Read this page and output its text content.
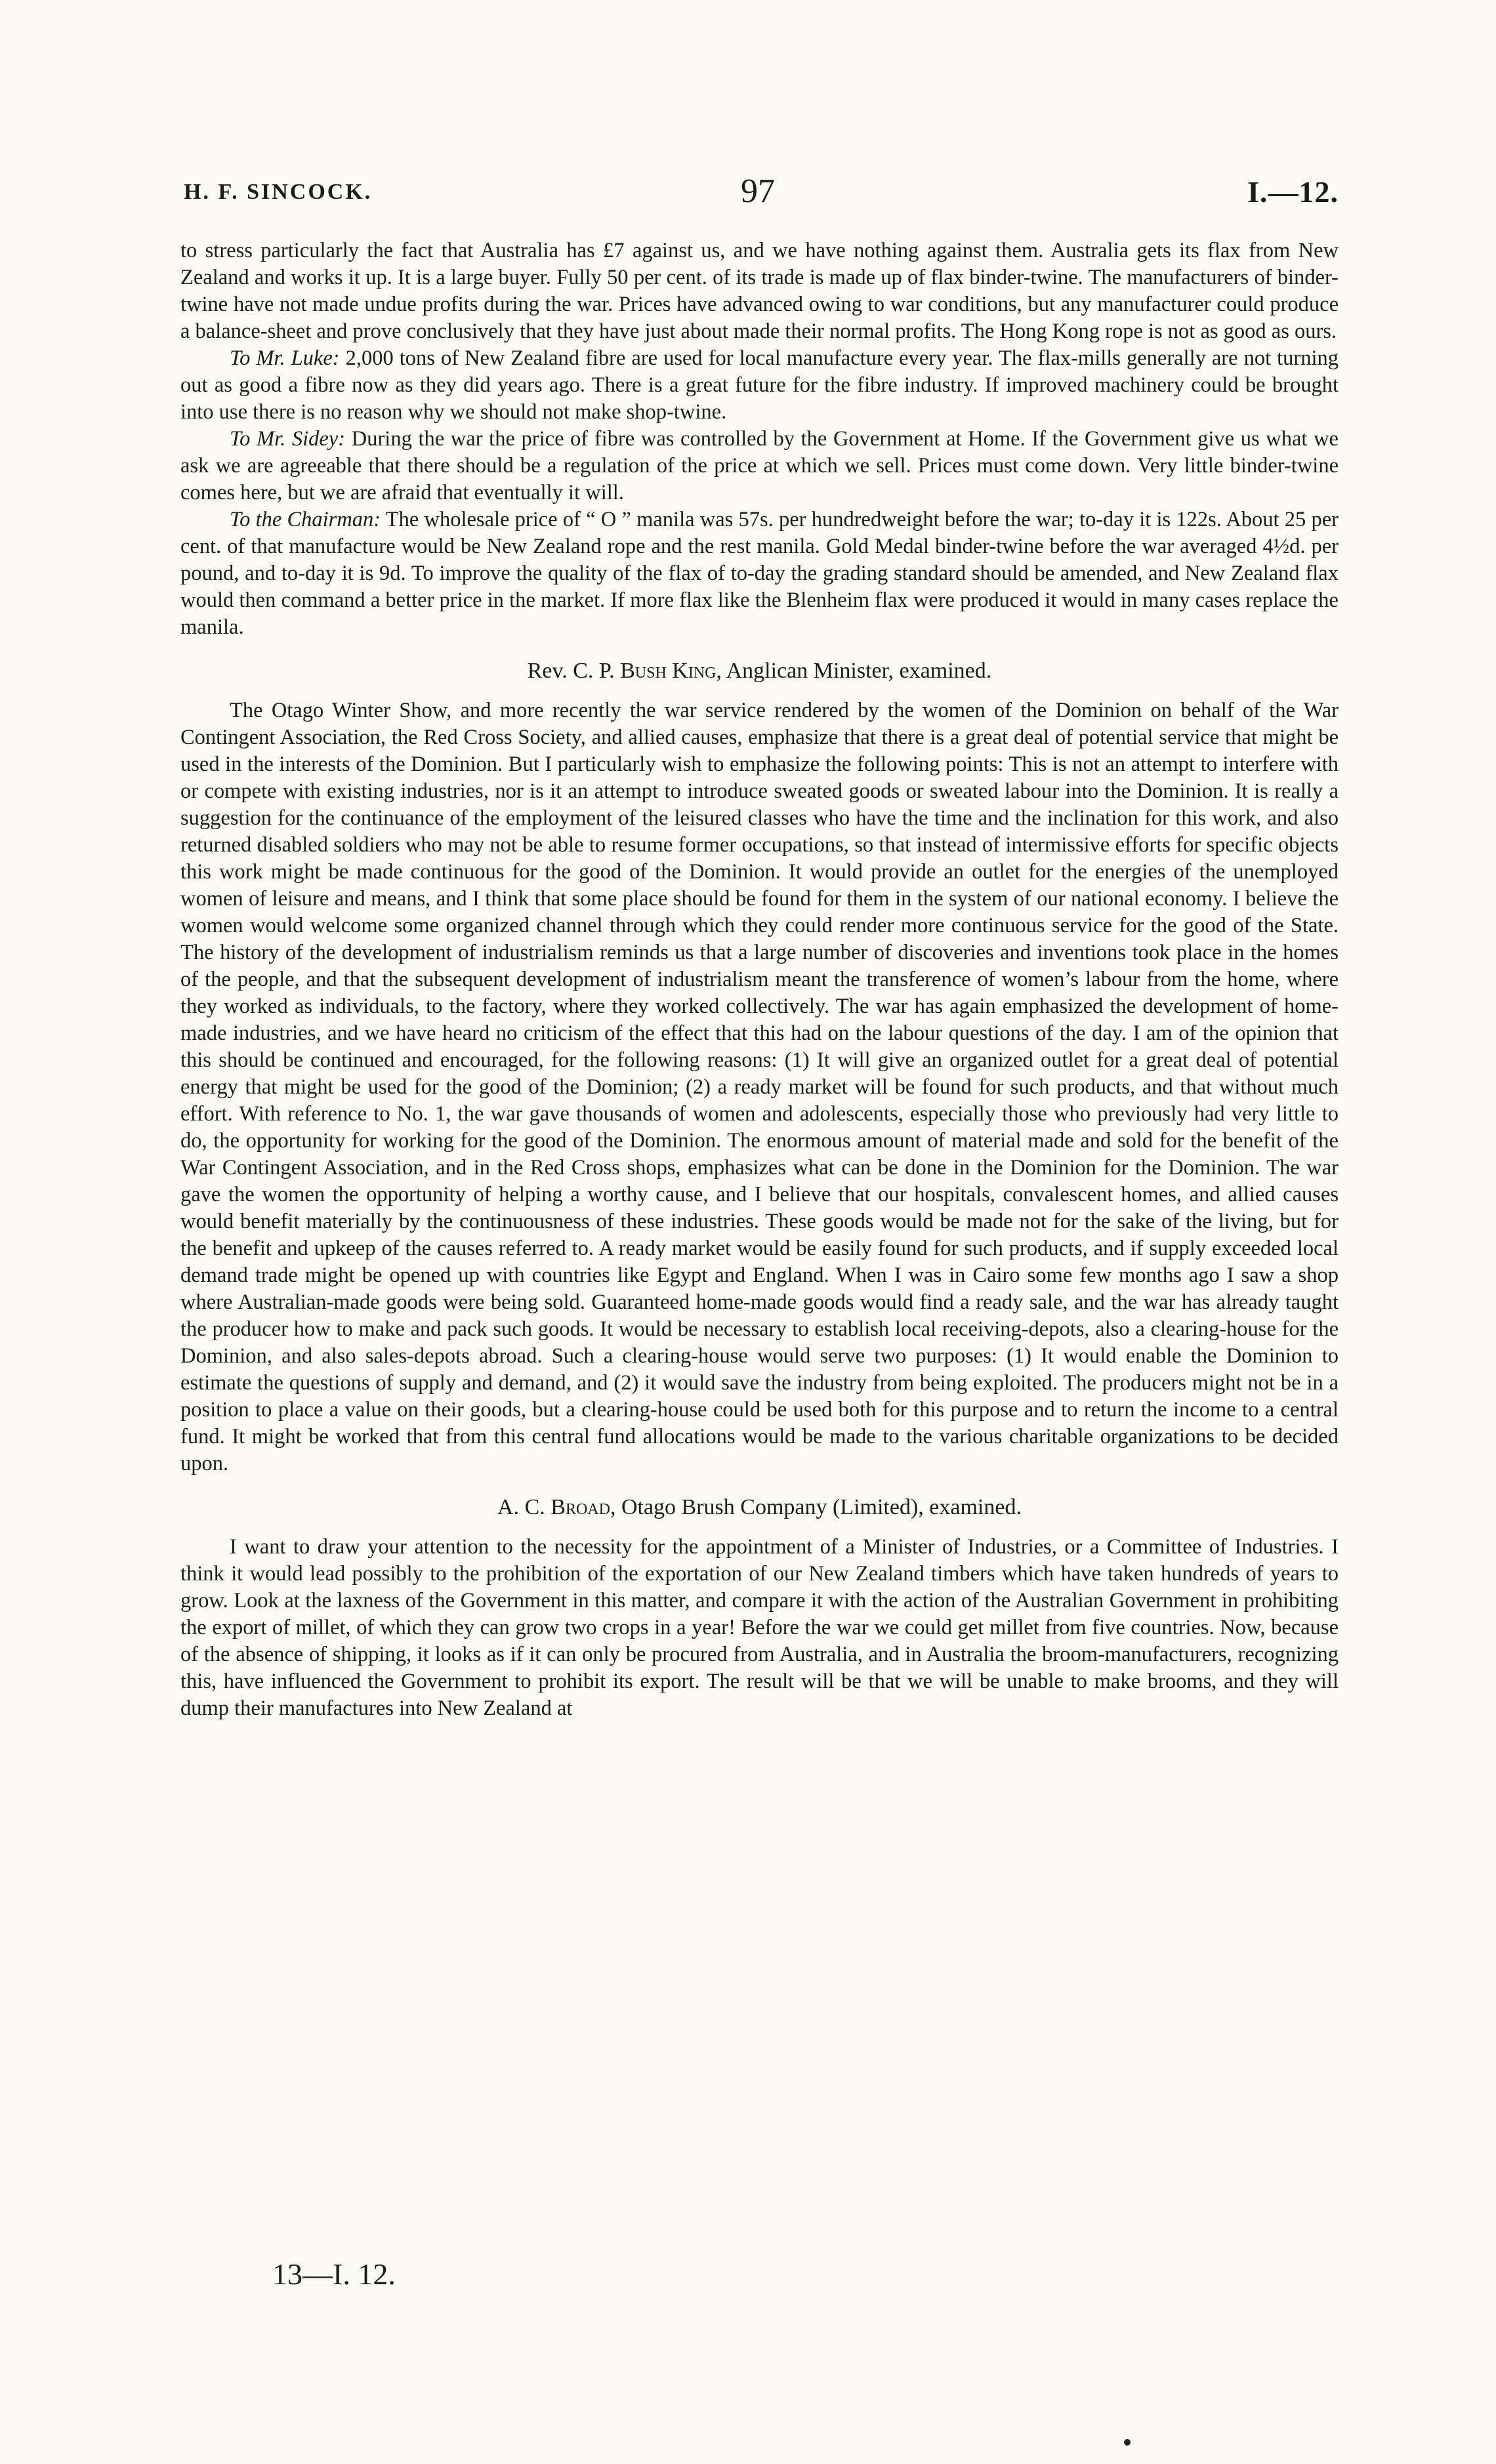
H. F. SINCOCK.	97	I.—12.

to stress particularly the fact that Australia has £7 against us, and we have nothing against them. Australia gets its flax from New Zealand and works it up. It is a large buyer. Fully 50 per cent. of its trade is made up of flax binder-twine. The manufacturers of binder-twine have not made undue profits during the war. Prices have advanced owing to war conditions, but any manufacturer could produce a balance-sheet and prove conclusively that they have just about made their normal profits. The Hong Kong rope is not as good as ours.

To Mr. Luke: 2,000 tons of New Zealand fibre are used for local manufacture every year. The flax-mills generally are not turning out as good a fibre now as they did years ago. There is a great future for the fibre industry. If improved machinery could be brought into use there is no reason why we should not make shop-twine.

To Mr. Sidey: During the war the price of fibre was controlled by the Government at Home. If the Government give us what we ask we are agreeable that there should be a regulation of the price at which we sell. Prices must come down. Very little binder-twine comes here, but we are afraid that eventually it will.

To the Chairman: The wholesale price of “ O ” manila was 57s. per hundredweight before the war; to-day it is 122s. About 25 per cent. of that manufacture would be New Zealand rope and the rest manila. Gold Medal binder-twine before the war averaged 4½d. per pound, and to-day it is 9d. To improve the quality of the flax of to-day the grading standard should be amended, and New Zealand flax would then command a better price in the market. If more flax like the Blenheim flax were produced it would in many cases replace the manila.

Rev. C. P. Bush King, Anglican Minister, examined.

The Otago Winter Show, and more recently the war service rendered by the women of the Dominion on behalf of the War Contingent Association, the Red Cross Society, and allied causes, emphasize that there is a great deal of potential service that might be used in the interests of the Dominion. But I particularly wish to emphasize the following points: This is not an attempt to interfere with or compete with existing industries, nor is it an attempt to introduce sweated goods or sweated labour into the Dominion. It is really a suggestion for the continuance of the employment of the leisured classes who have the time and the inclination for this work, and also returned disabled soldiers who may not be able to resume former occupations, so that instead of intermissive efforts for specific objects this work might be made continuous for the good of the Dominion. It would provide an outlet for the energies of the unemployed women of leisure and means, and I think that some place should be found for them in the system of our national economy. I believe the women would welcome some organized channel through which they could render more continuous service for the good of the State. The history of the development of industrialism reminds us that a large number of discoveries and inventions took place in the homes of the people, and that the subsequent development of industrialism meant the transference of women’s labour from the home, where they worked as individuals, to the factory, where they worked collectively. The war has again emphasized the development of home-made industries, and we have heard no criticism of the effect that this had on the labour questions of the day. I am of the opinion that this should be continued and encouraged, for the following reasons: (1) It will give an organized outlet for a great deal of potential energy that might be used for the good of the Dominion; (2) a ready market will be found for such products, and that without much effort. With reference to No. 1, the war gave thousands of women and adolescents, especially those who previously had very little to do, the opportunity for working for the good of the Dominion. The enormous amount of material made and sold for the benefit of the War Contingent Association, and in the Red Cross shops, emphasizes what can be done in the Dominion for the Dominion. The war gave the women the opportunity of helping a worthy cause, and I believe that our hospitals, convalescent homes, and allied causes would benefit materially by the continuousness of these industries. These goods would be made not for the sake of the living, but for the benefit and upkeep of the causes referred to. A ready market would be easily found for such products, and if supply exceeded local demand trade might be opened up with countries like Egypt and England. When I was in Cairo some few months ago I saw a shop where Australian-made goods were being sold. Guaranteed home-made goods would find a ready sale, and the war has already taught the producer how to make and pack such goods. It would be necessary to establish local receiving-depots, also a clearing-house for the Dominion, and also sales-depots abroad. Such a clearing-house would serve two purposes: (1) It would enable the Dominion to estimate the questions of supply and demand, and (2) it would save the industry from being exploited. The producers might not be in a position to place a value on their goods, but a clearing-house could be used both for this purpose and to return the income to a central fund. It might be worked that from this central fund allocations would be made to the various charitable organizations to be decided upon.

A. C. Broad, Otago Brush Company (Limited), examined.

I want to draw your attention to the necessity for the appointment of a Minister of Industries, or a Committee of Industries. I think it would lead possibly to the prohibition of the exportation of our New Zealand timbers which have taken hundreds of years to grow. Look at the laxness of the Government in this matter, and compare it with the action of the Australian Government in prohibiting the export of millet, of which they can grow two crops in a year! Before the war we could get millet from five countries. Now, because of the absence of shipping, it looks as if it can only be procured from Australia, and in Australia the broom-manufacturers, recognizing this, have influenced the Government to prohibit its export. The result will be that we will be unable to make brooms, and they will dump their manufactures into New Zealand at

13—I. 12.
